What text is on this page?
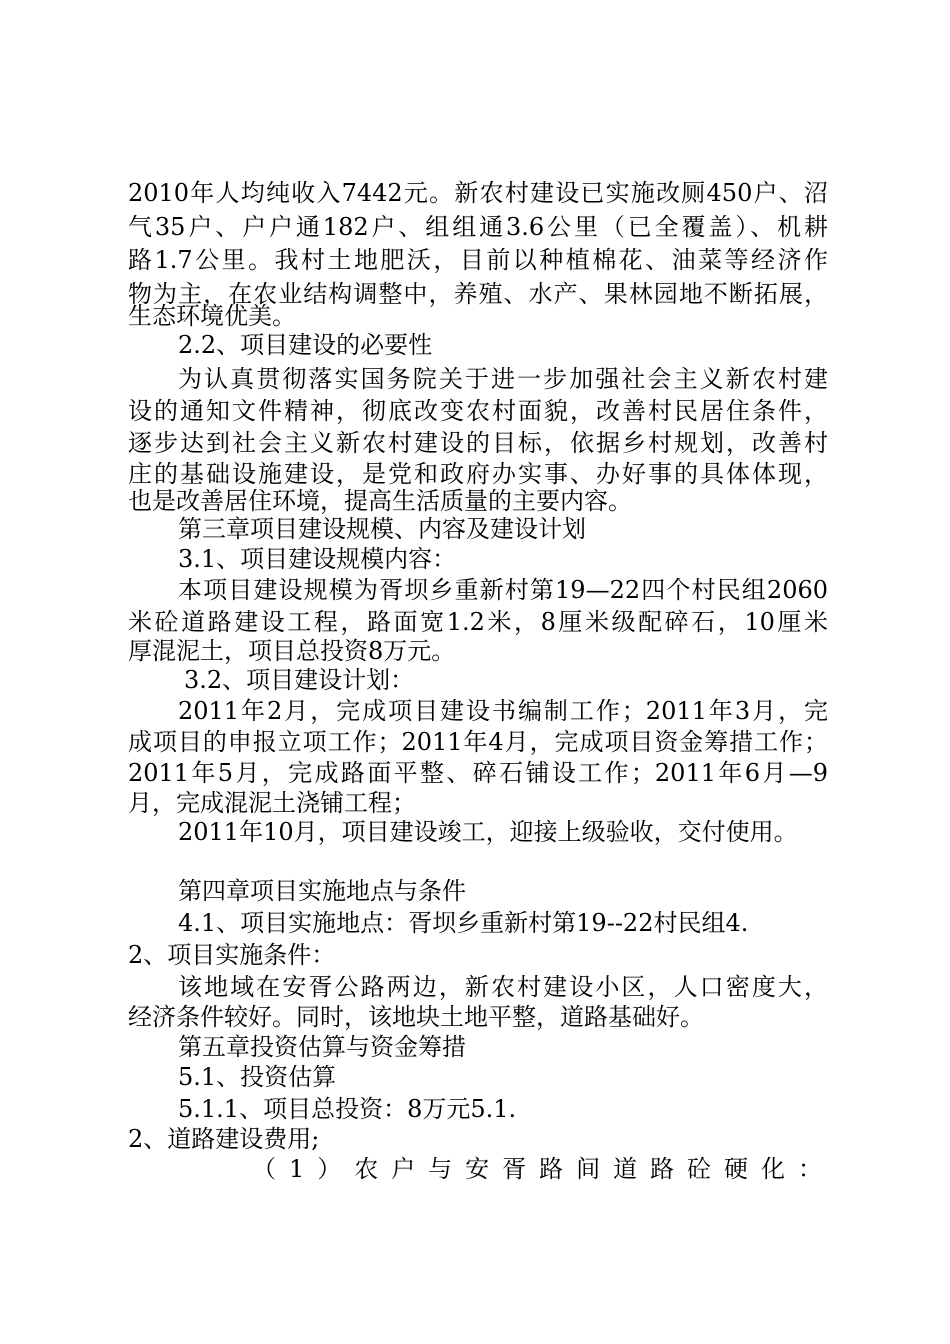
2010年人均纯收入7442元。新农村建设已实施改厕450户、沼
气35户、户户通182户、组组通3.6公里（已全覆盖）、机耕
路1.7公里。我村土地肥沃，目前以种植棉花、油菜等经济作
物为主，在农业结构调整中，养殖、水产、果林园地不断拓展，
生态环境优美。
2.2、项目建设的必要性
为认真贯彻落实国务院关于进一步加强社会主义新农村建
设的通知文件精神，彻底改变农村面貌，改善村民居住条件，
逐步达到社会主义新农村建设的目标，依据乡村规划，改善村
庄的基础设施建设，是党和政府办实事、办好事的具体体现，
也是改善居住环境，提高生活质量的主要内容。
第三章项目建设规模、内容及建设计划
3.1、项目建设规模内容：
本项目建设规模为胥坝乡重新村第19—22四个村民组2060
米砼道路建设工程，路面宽1.2米，8厘米级配碎石，10厘米
厚混泥土，项目总投资8万元。
3.2、项目建设计划：
2011年2月，完成项目建设书编制工作；2011年3月，完
成项目的申报立项工作；2011年4月，完成项目资金筹措工作；
2011年5月，完成路面平整、碎石铺设工作；2011年6月—9
月，完成混泥土浇铺工程；
2011年10月，项目建设竣工，迎接上级验收，交付使用。
第四章项目实施地点与条件
4.1、项目实施地点：胥坝乡重新村第19--22村民组4.
2、项目实施条件：
该地域在安胥公路两边，新农村建设小区，人口密度大，
经济条件较好。同时，该地块土地平整，道路基础好。
第五章投资估算与资金筹措
5.1、投资估算
5.1.1、项目总投资：8万元5.1.
2、道路建设费用;
（1）农户与安胥路间道路砼硬化：
